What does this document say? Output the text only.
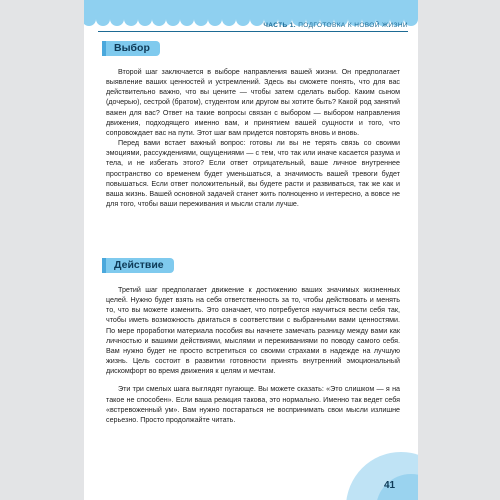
ЧАСТЬ 1. ПОДГОТОВКА К НОВОЙ ЖИЗНИ
Выбор

Второй шаг заключается в выборе направления вашей жизни. Он предполагает выявление ваших ценностей и устремлений. Здесь вы сможете понять, что для вас действительно важно, что вы цените — чтобы затем сделать выбор. Каким сыном (дочерью), сестрой (братом), студентом или другом вы хотите быть? Какой род занятий важен для вас? Ответ на такие вопросы связан с выбором — выбором направления движения, подходящего именно вам, и принятием вашей сущности и того, что сопровождает вас на пути. Этот шаг вам придется повторять вновь и вновь.

Перед вами встает важный вопрос: готовы ли вы не терять связь со своими эмоциями, рассуждениями, ощущениями — с тем, что так или иначе касается разума и тела, и не избегать этого? Если ответ отрицательный, ваше личное внутреннее пространство со временем будет уменьшаться, а значимость вашей тревоги будет повышаться. Если ответ положительный, вы будете расти и развиваться, так же как и ваша жизнь. Вашей основной задачей станет жить полноценно и интересно, а вовсе не для того, чтобы ваши переживания и мысли стали лучше.

Действие

Третий шаг предполагает движение к достижению ваших значимых жизненных целей. Нужно будет взять на себя ответственность за то, чтобы действовать и менять то, что вы можете изменить. Это означает, что потребуется научиться вести себя так, чтобы иметь возможность двигаться в соответствии с выбранными вами ценностями. По мере проработки материала пособия вы начнете замечать разницу между вами как личностью и вашими действиями, мыслями и переживаниями по поводу самого себя. Вам нужно будет не просто встретиться со своими страхами в надежде на лучшую жизнь. Цель состоит в развитии готовности принять внутренний эмоциональный дискомфорт во время движения к целям и мечтам.

Эти три смелых шага выглядят пугающе. Вы можете сказать: «Это слишком — я на такое не способен». Если ваша реакция такова, это нормально. Именно так ведет себя «встревоженный ум». Вам нужно постараться не воспринимать свои мысли излишне серьезно. Просто продолжайте читать.

41
